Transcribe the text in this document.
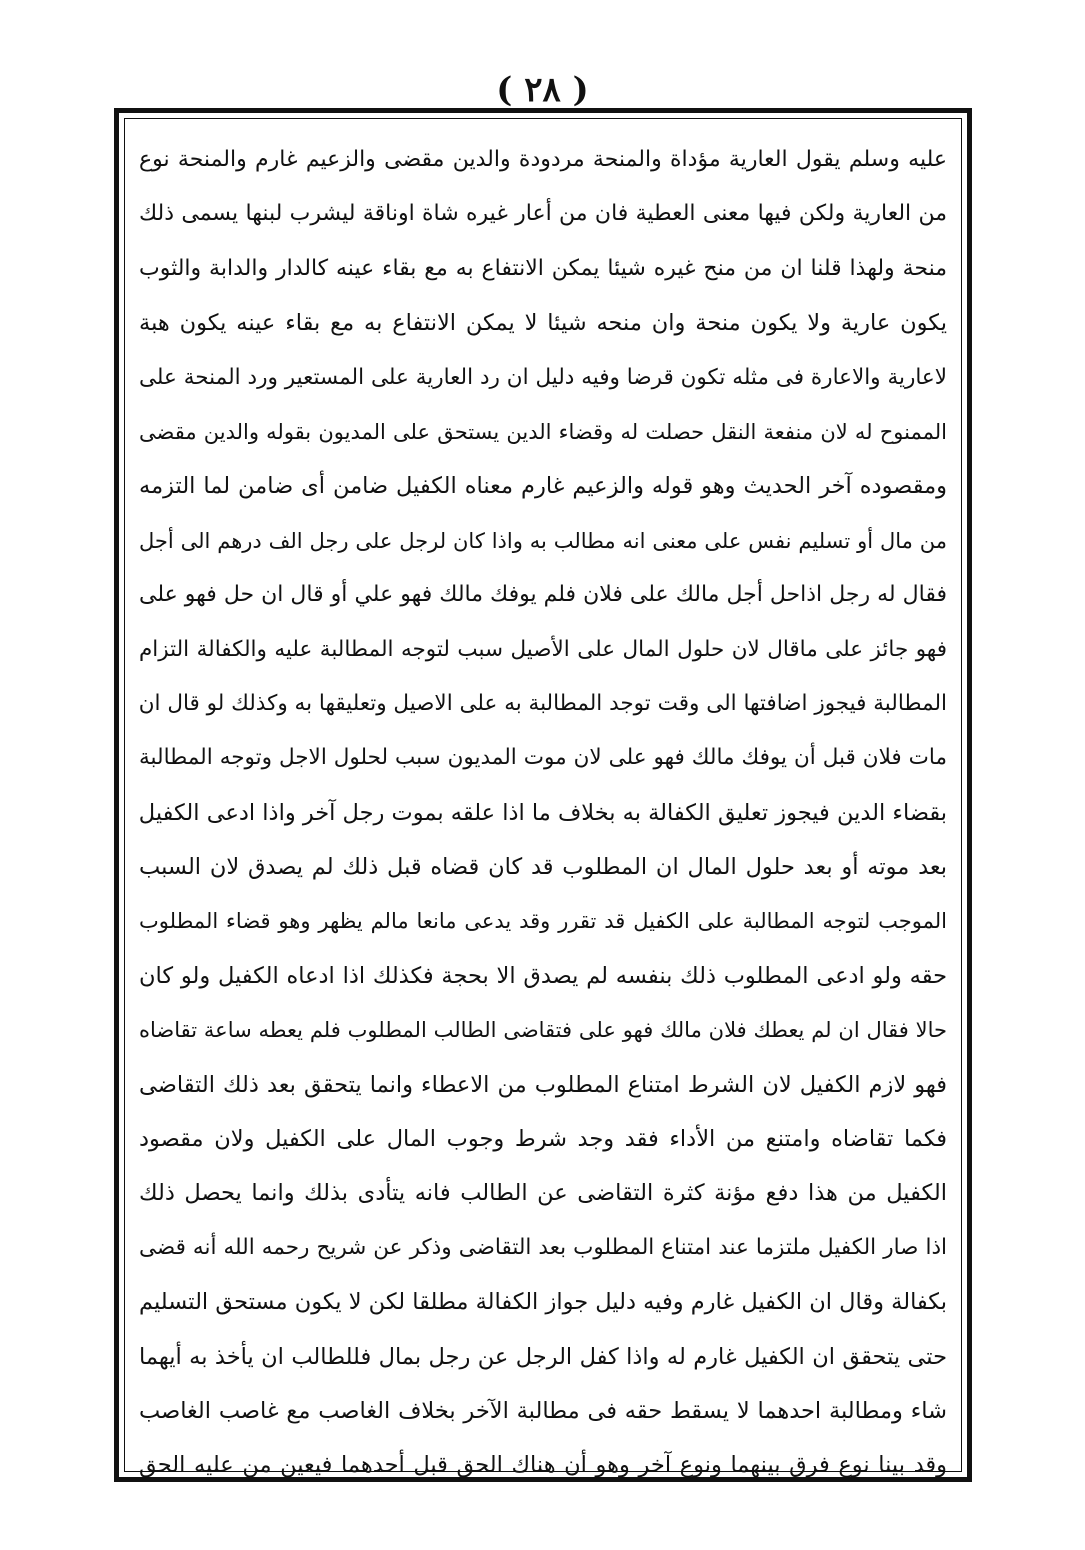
( ٢٨ )
عليه وسلم يقول العارية مؤداة والمنحة مردودة والدين مقضى والزعيم غارم والمنحة نوع
من العارية ولكن فيها معنى العطية فان من أعار غيره شاة اوناقة ليشرب لبنها يسمى ذلك
منحة ولهذا قلنا ان من منح غيره شيئا يمكن الانتفاع به مع بقاء عينه كالدار والدابة والثوب
يكون عارية ولا يكون منحة وان منحه شيئا لا يمكن الانتفاع به مع بقاء عينه يكون هبة
لاعارية والاعارة فى مثله تكون قرضا وفيه دليل ان رد العارية على المستعير ورد المنحة على
الممنوح له لان منفعة النقل حصلت له وقضاء الدين يستحق على المديون بقوله والدين مقضى
ومقصوده آخر الحديث وهو قوله والزعيم غارم معناه الكفيل ضامن أى ضامن لما التزمه
من مال أو تسليم نفس على معنى انه مطالب به واذا كان لرجل على رجل الف درهم الى أجل
فقال له رجل اذاحل أجل مالك على فلان فلم يوفك مالك فهو علي أو قال ان حل فهو على
فهو جائز على ماقال لان حلول المال على الأصيل سبب لتوجه المطالبة عليه والكفالة التزام
المطالبة فيجوز اضافتها الى وقت توجد المطالبة به على الاصيل وتعليقها به وكذلك لو قال ان
مات فلان قبل أن يوفك مالك فهو على لان موت المديون سبب لحلول الاجل وتوجه المطالبة
بقضاء الدين فيجوز تعليق الكفالة به بخلاف ما اذا علقه بموت رجل آخر واذا ادعى الكفيل
بعد موته أو بعد حلول المال ان المطلوب قد كان قضاه قبل ذلك لم يصدق لان السبب
الموجب لتوجه المطالبة على الكفيل قد تقرر وقد يدعى مانعا مالم يظهر وهو قضاء المطلوب
حقه ولو ادعى المطلوب ذلك بنفسه لم يصدق الا بحجة فكذلك اذا ادعاه الكفيل ولو كان
حالا فقال ان لم يعطك فلان مالك فهو على فتقاضى الطالب المطلوب فلم يعطه ساعة تقاضاه
فهو لازم الكفيل لان الشرط امتناع المطلوب من الاعطاء وانما يتحقق بعد ذلك التقاضى
فكما تقاضاه وامتنع من الأداء فقد وجد شرط وجوب المال على الكفيل ولان مقصود
الكفيل من هذا دفع مؤنة كثرة التقاضى عن الطالب فانه يتأدى بذلك وانما يحصل ذلك
اذا صار الكفيل ملتزما عند امتناع المطلوب بعد التقاضى وذكر عن شريح رحمه الله أنه قضى
بكفالة وقال ان الكفيل غارم وفيه دليل جواز الكفالة مطلقا لكن لا يكون مستحق التسليم
حتى يتحقق ان الكفيل غارم له واذا كفل الرجل عن رجل بمال فللطالب ان يأخذ به أيهما
شاء ومطالبة احدهما لا يسقط حقه فى مطالبة الآخر بخلاف الغاصب مع غاصب الغاصب
وقد بينا نوع فرق بينهما ونوع آخر وهو أن هناك الحق قبل أحدهما فيعين من عليه الحق
